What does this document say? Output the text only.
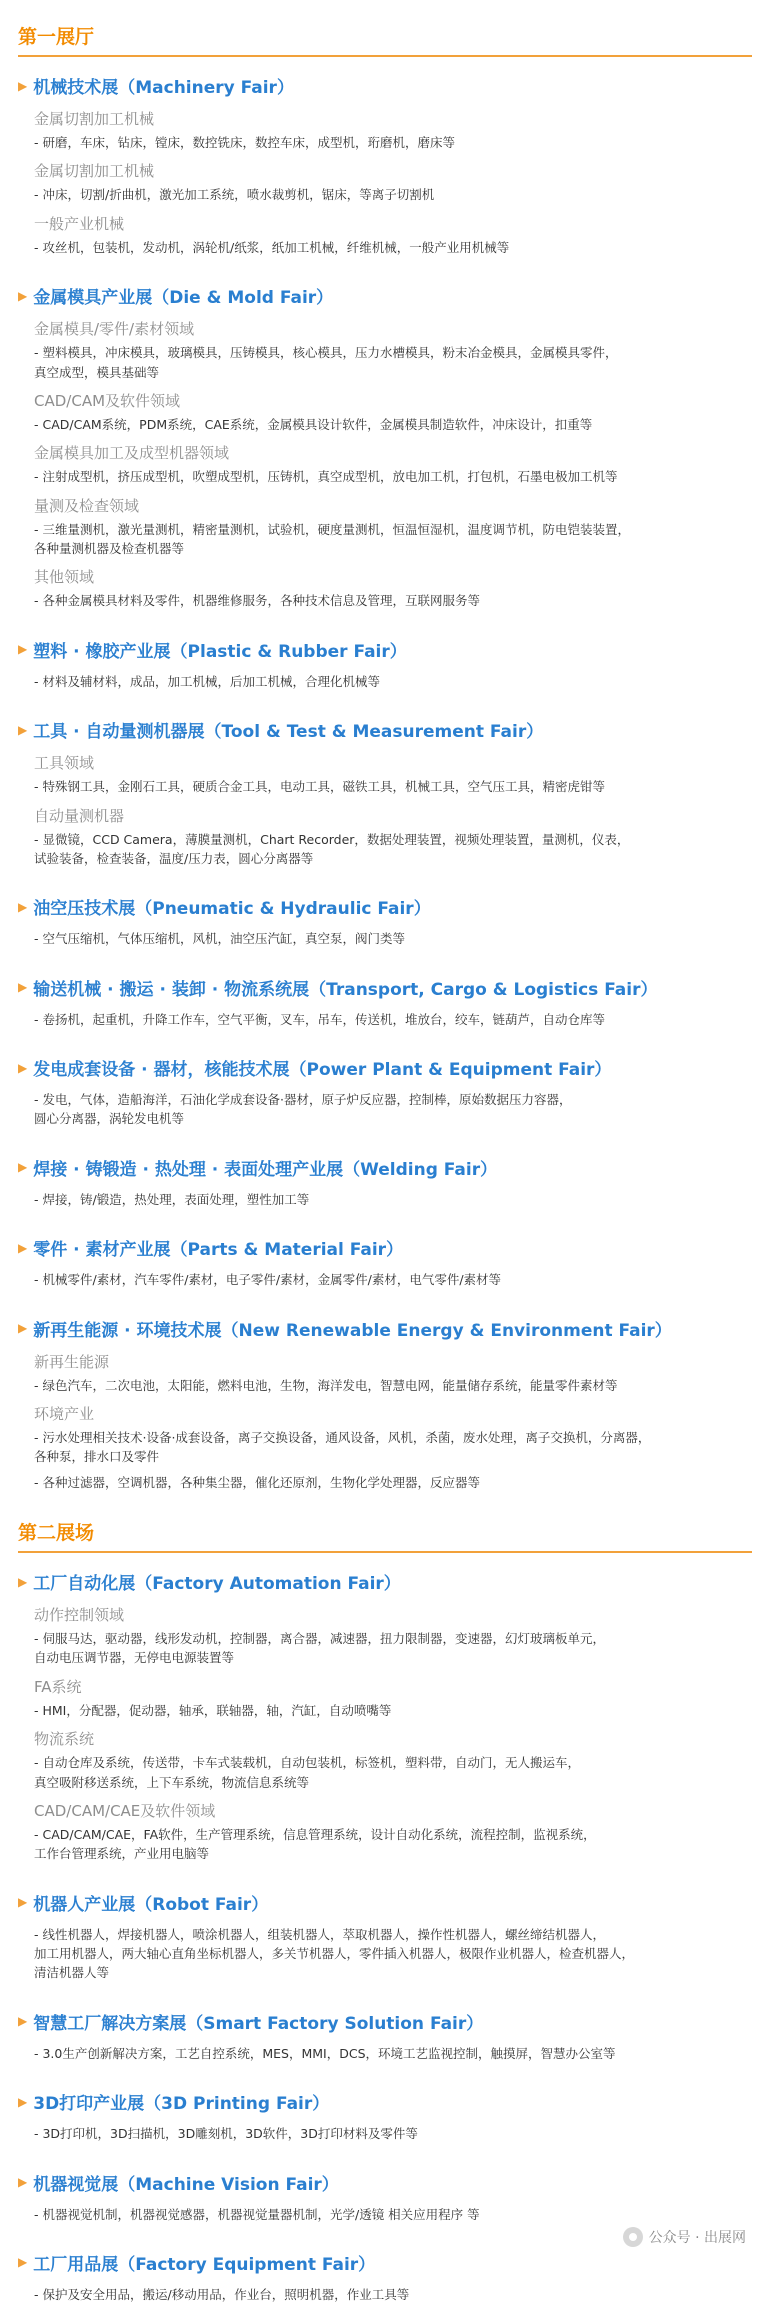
第一展厅
▶ 机械技术展（Machinery Fair）
金属切割加工机械

- 研磨，车床，钻床，镗床，数控铣床，数控车床，成型机，珩磨机，磨床等

金属切割加工机械

- 冲床，切割/折曲机，激光加工系统，喷水裁剪机，锯床，等离子切割机

一般产业机械

- 攻丝机，包装机，发动机，涡轮机/纸浆，纸加工机械，纤维机械，一般产业用机械等

▶ 金属模具产业展（Die & Mold Fair）
金属模具/零件/素材领域

- 塑料模具，冲床模具，玻璃模具，压铸模具，核心模具，压力水槽模具，粉末冶金模具，金属模具零件，

真空成型，模具基础等

CAD/CAM及软件领域

- CAD/CAM系统，PDM系统，CAE系统，金属模具设计软件，金属模具制造软件，冲床设计，扣重等

金属模具加工及成型机器领域

- 注射成型机，挤压成型机，吹塑成型机，压铸机，真空成型机，放电加工机，打包机，石墨电极加工机等

量测及检查领域

- 三维量测机，激光量测机，精密量测机，试验机，硬度量测机，恒温恒湿机，温度调节机，防电铠装装置，

各种量测机器及检查机器等

其他领域

- 各种金属模具材料及零件，机器维修服务，各种技术信息及管理，互联网服务等

▶ 塑料 · 橡胶产业展（Plastic & Rubber Fair）

- 材料及辅材料，成品，加工机械，后加工机械，合理化机械等

▶ 工具 · 自动量测机器展（Tool & Test & Measurement Fair）
工具领域

- 特殊钢工具，金刚石工具，硬质合金工具，电动工具，磁铁工具，机械工具，空气压工具，精密虎钳等

自动量测机器

- 显微镜，CCD Camera，薄膜量测机，Chart Recorder，数据处理装置，视频处理装置，量测机，仪表，

试验装备，检查装备，温度/压力表，圆心分离器等

▶ 油空压技术展（Pneumatic & Hydraulic Fair）

- 空气压缩机，气体压缩机，风机，油空压汽缸，真空泵，阀门类等

▶ 输送机械 · 搬运 · 装卸 · 物流系统展（Transport, Cargo & Logistics Fair）

- 卷扬机，起重机，升降工作车，空气平衡，叉车，吊车，传送机，堆放台，绞车，链葫芦，自动仓库等

▶ 发电成套设备 · 器材，核能技术展（Power Plant & Equipment Fair）

- 发电，气体，造船海洋，石油化学成套设备·器材，原子炉反应器，控制棒，原始数据压力容器，

圆心分离器，涡轮发电机等

▶ 焊接 · 铸锻造 · 热处理 · 表面处理产业展（Welding Fair）

- 焊接，铸/锻造，热处理，表面处理，塑性加工等

▶ 零件 · 素材产业展（Parts & Material Fair）

- 机械零件/素材，汽车零件/素材，电子零件/素材，金属零件/素材，电气零件/素材等

▶ 新再生能源 · 环境技术展（New Renewable Energy & Environment Fair）
新再生能源

- 绿色汽车，二次电池，太阳能，燃料电池，生物，海洋发电，智慧电网，能量储存系统，能量零件素材等

环境产业

- 污水处理相关技术·设备·成套设备，离子交换设备，通风设备，风机，杀菌，废水处理，离子交换机，分离器，

各种泵，排水口及零件

- 各种过滤器，空调机器，各种集尘器，催化还原剂，生物化学处理器，反应器等

第二展场
▶ 工厂自动化展（Factory Automation Fair）
动作控制领域

- 伺服马达，驱动器，线形发动机，控制器，离合器，减速器，扭力限制器，变速器，幻灯玻璃板单元，

自动电压调节器，无停电电源装置等

FA系统

- HMI，分配器，促动器，轴承，联轴器，轴，汽缸，自动喷嘴等

物流系统

- 自动仓库及系统，传送带，卡车式装载机，自动包装机，标签机，塑料带，自动门，无人搬运车，

真空吸附移送系统，上下车系统，物流信息系统等

CAD/CAM/CAE及软件领域

- CAD/CAM/CAE，FA软件，生产管理系统，信息管理系统，设计自动化系统，流程控制，监视系统，

工作台管理系统，产业用电脑等

▶ 机器人产业展（Robot Fair）

- 线性机器人，焊接机器人，喷涂机器人，组装机器人，萃取机器人，操作性机器人，螺丝缔结机器人，

加工用机器人，两大轴心直角坐标机器人，多关节机器人，零件插入机器人，极限作业机器人，检查机器人，

清洁机器人等

▶ 智慧工厂解决方案展（Smart Factory Solution Fair）

- 3.0生产创新解决方案，工艺自控系统，MES，MMI，DCS，环境工艺监视控制，触摸屏，智慧办公室等

▶ 3D打印产业展（3D Printing Fair）

- 3D打印机，3D扫描机，3D雕刻机，3D软件，3D打印材料及零件等

▶ 机器视觉展（Machine Vision Fair）

- 机器视觉机制，机器视觉感器，机器视觉量器机制，光学/透镜 相关应用程序 等

▶ 工厂用品展（Factory Equipment Fair）

- 保护及安全用品，搬运/移动用品，作业台，照明机器，作业工具等

公众号 · 出展网
